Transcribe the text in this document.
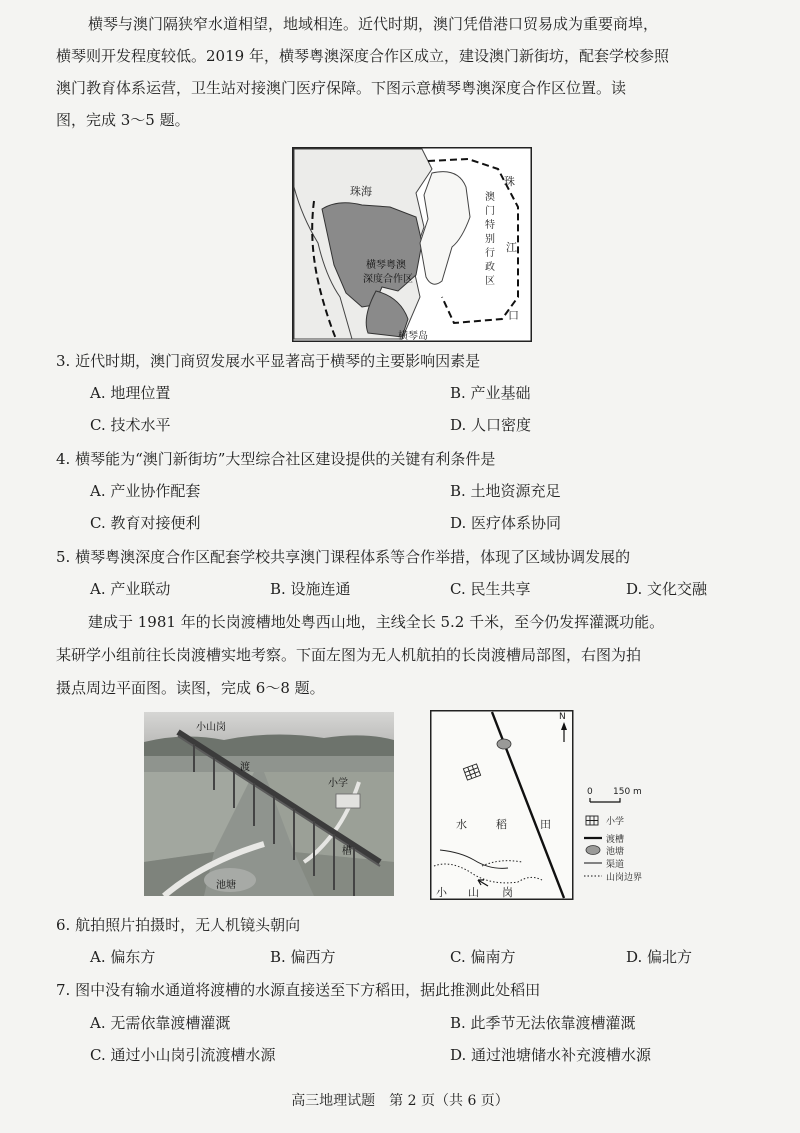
横琴与澳门隔狭窄水道相望，地域相连。近代时期，澳门凭借港口贸易成为重要商埠，
横琴则开发程度较低。2019 年，横琴粤澳深度合作区成立，建设澳门新街坊，配套学校参照
澳门教育体系运营，卫生站对接澳门医疗保障。下图示意横琴粤澳深度合作区位置。读
图，完成 3～5 题。
珠海
横琴粤澳
深度合作区
横琴岛
澳
门
特
别
行
政
区
珠
江
口
3. 近代时期，澳门商贸发展水平显著高于横琴的主要影响因素是
A. 地理位置	B. 产业基础
C. 技术水平	D. 人口密度
4. 横琴能为“澳门新街坊”大型综合社区建设提供的关键有利条件是
A. 产业协作配套	B. 土地资源充足
C. 教育对接便利	D. 医疗体系协同
5. 横琴粤澳深度合作区配套学校共享澳门课程体系等合作举措，体现了区域协调发展的
A. 产业联动	B. 设施连通	C. 民生共享	D. 文化交融
建成于 1981 年的长岗渡槽地处粤西山地，主线全长 5.2 千米，至今仍发挥灌溉功能。
某研学小组前往长岗渡槽实地考察。下面左图为无人机航拍的长岗渡槽局部图，右图为拍
摄点周边平面图。读图，完成 6～8 题。
小山岗
渡
小学
槽
池塘
N
水	稻	田
小 山 岗
0 150 m
小学
渡槽
池塘
渠道
山岗边界
6. 航拍照片拍摄时，无人机镜头朝向
A. 偏东方	B. 偏西方	C. 偏南方	D. 偏北方
7. 图中没有输水通道将渡槽的水源直接送至下方稻田，据此推测此处稻田
A. 无需依靠渡槽灌溉	B. 此季节无法依靠渡槽灌溉
C. 通过小山岗引流渡槽水源	D. 通过池塘储水补充渡槽水源
高三地理试题　第 2 页（共 6 页）
